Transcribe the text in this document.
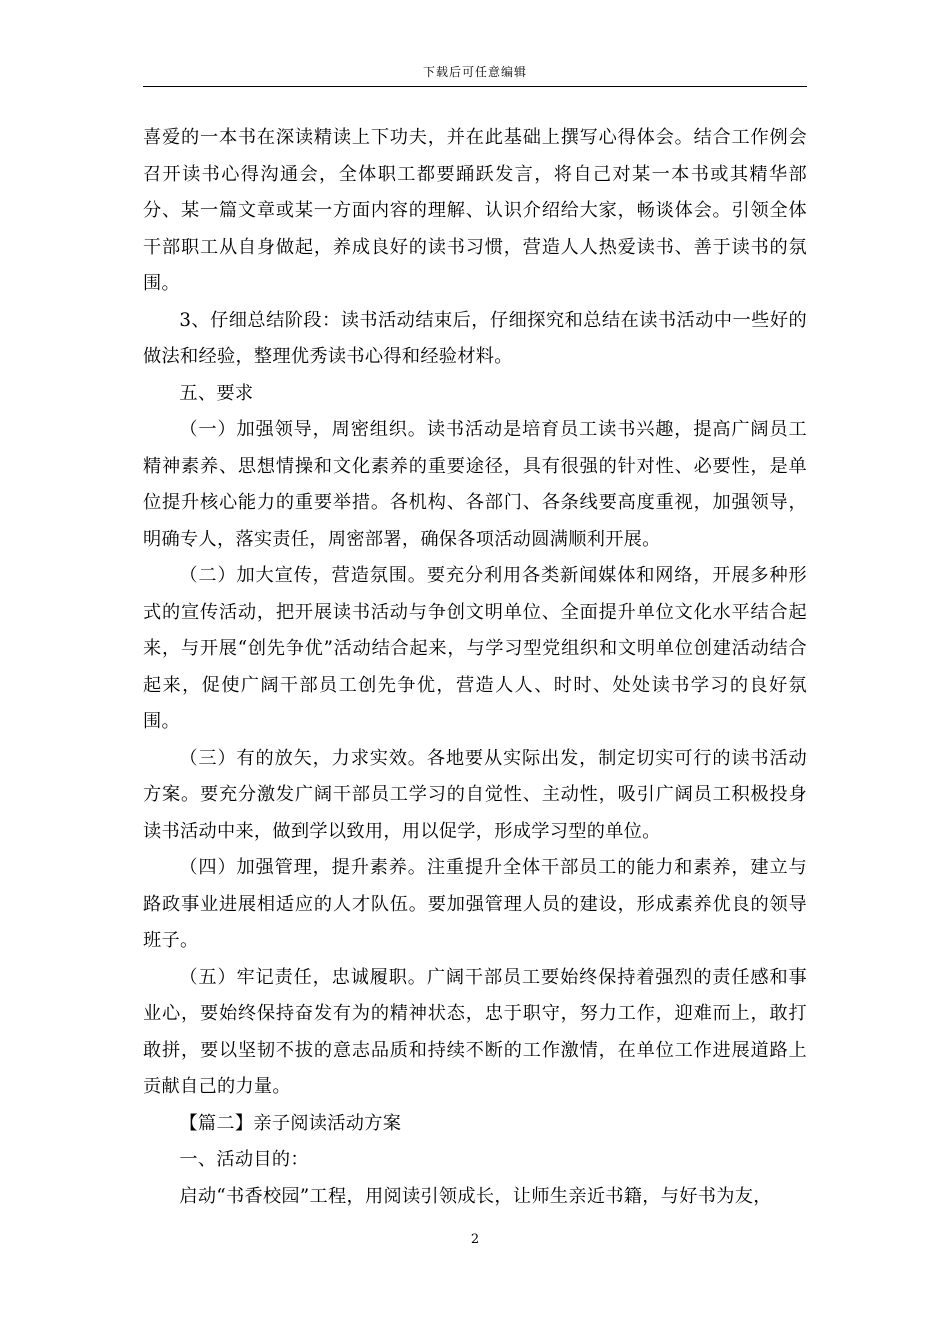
下载后可任意编辑

喜爱的一本书在深读精读上下功夫，并在此基础上撰写心得体会。结合工作例会召开读书心得沟通会，全体职工都要踊跃发言，将自己对某一本书或其精华部分、某一篇文章或某一方面内容的理解、认识介绍给大家，畅谈体会。引领全体干部职工从自身做起，养成良好的读书习惯，营造人人热爱读书、善于读书的氛围。

3、仔细总结阶段：读书活动结束后，仔细探究和总结在读书活动中一些好的做法和经验，整理优秀读书心得和经验材料。

五、要求

（一）加强领导，周密组织。读书活动是培育员工读书兴趣，提高广阔员工精神素养、思想情操和文化素养的重要途径，具有很强的针对性、必要性，是单位提升核心能力的重要举措。各机构、各部门、各条线要高度重视，加强领导，明确专人，落实责任，周密部署，确保各项活动圆满顺利开展。

（二）加大宣传，营造氛围。要充分利用各类新闻媒体和网络，开展多种形式的宣传活动，把开展读书活动与争创文明单位、全面提升单位文化水平结合起来，与开展“创先争优”活动结合起来，与学习型党组织和文明单位创建活动结合起来，促使广阔干部员工创先争优，营造人人、时时、处处读书学习的良好氛围。

（三）有的放矢，力求实效。各地要从实际出发，制定切实可行的读书活动方案。要充分激发广阔干部员工学习的自觉性、主动性，吸引广阔员工积极投身读书活动中来，做到学以致用，用以促学，形成学习型的单位。

（四）加强管理，提升素养。注重提升全体干部员工的能力和素养，建立与路政事业进展相适应的人才队伍。要加强管理人员的建设，形成素养优良的领导班子。

（五）牢记责任，忠诚履职。广阔干部员工要始终保持着强烈的责任感和事业心，要始终保持奋发有为的精神状态，忠于职守，努力工作，迎难而上，敢打敢拼，要以坚韧不拔的意志品质和持续不断的工作激情，在单位工作进展道路上贡献自己的力量。

【篇二】亲子阅读活动方案

一、活动目的：

启动“书香校园”工程，用阅读引领成长，让师生亲近书籍，与好书为友，

2
